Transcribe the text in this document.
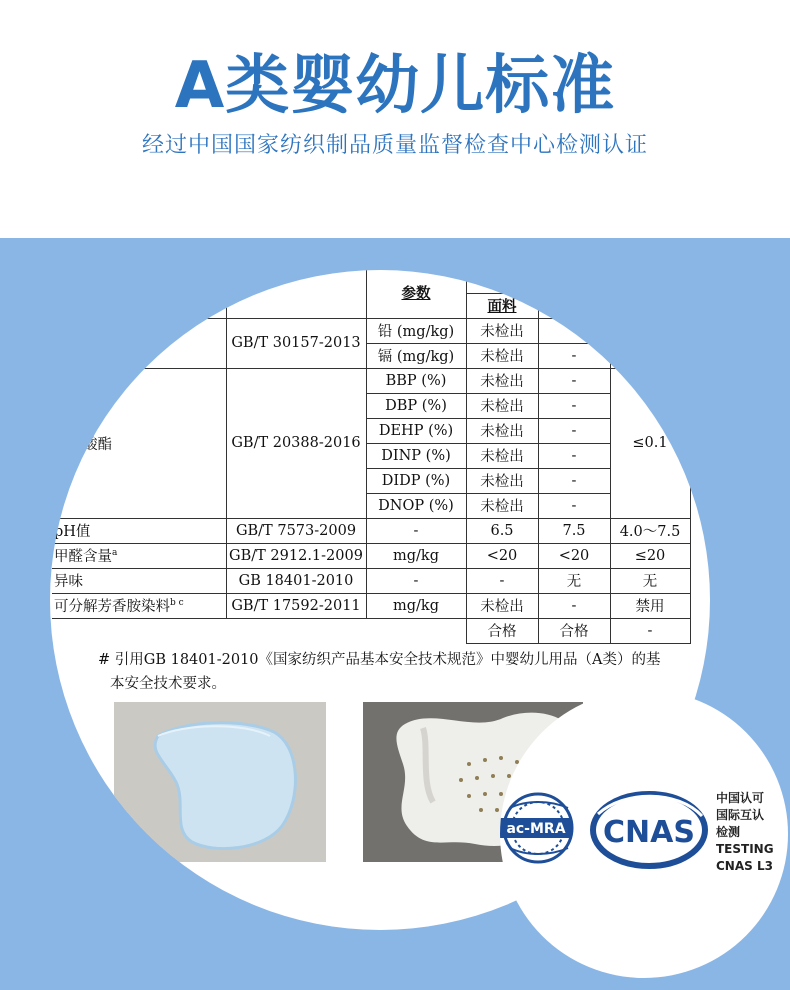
A类婴幼儿标准
经过中国国家纺织制品质量监督检查中心检测认证
	示标准	参数			
			面料		
	GB/T 30157-2013	铅 (mg/kg)	未检出	-	
		镉 (mg/kg)	未检出	-	
二甲酸酯	GB/T 20388-2016	BBP (%)	未检出	-	≤0.1
		DBP (%)	未检出	-	
		DEHP (%)	未检出	-	
		DINP (%)	未检出	-	
		DIDP (%)	未检出	-	
		DNOP (%)	未检出	-	
pH值	GB/T 7573-2009	-	6.5	7.5	4.0～7.5
甲醛含量$^a$	GB/T 2912.1-2009	mg/kg	<20	<20	≤20
异味	GB 18401-2010	-	-	无	无
可分解芳香胺染料$^{b c}$	GB/T 17592-2011	mg/kg	未检出	-	禁用
			合格	合格	-
# 引用GB 18401-2010《国家纺织产品基本安全技术规范》中婴幼儿用品（A类）的基
本安全技术要求。
ac-MRA CNAS
中国认可
国际互认
检测
TESTING
CNAS L3
